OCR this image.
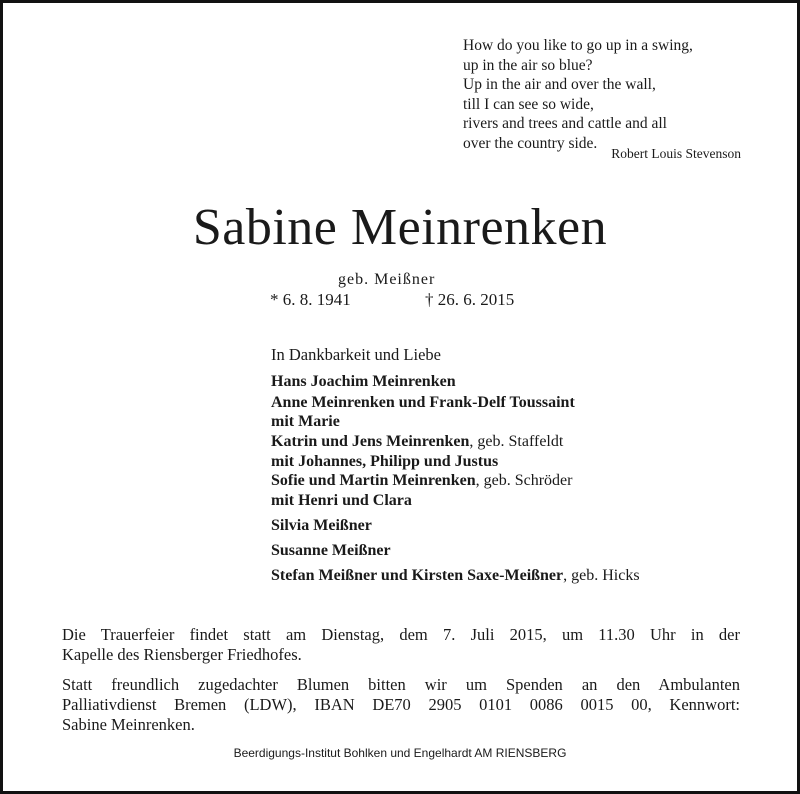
How do you like to go up in a swing,
up in the air so blue?
Up in the air and over the wall,
till I can see so wide,
rivers and trees and cattle and all
over the country side.
Robert Louis Stevenson
Sabine Meinrenken
geb. Meißner
* 6. 8. 1941	† 26. 6. 2015
In Dankbarkeit und Liebe
Hans Joachim Meinrenken
Anne Meinrenken und Frank-Delf Toussaint
mit Marie
Katrin und Jens Meinrenken, geb. Staffeldt
mit Johannes, Philipp und Justus
Sofie und Martin Meinrenken, geb. Schröder
mit Henri und Clara
Silvia Meißner
Susanne Meißner
Stefan Meißner und Kirsten Saxe-Meißner, geb. Hicks
Die Trauerfeier findet statt am Dienstag, dem 7. Juli 2015, um 11.30 Uhr in der
Kapelle des Riensberger Friedhofes.
Statt freundlich zugedachter Blumen bitten wir um Spenden an den Ambulanten
Palliativdienst Bremen (LDW), IBAN DE70 2905 0101 0086 0015 00, Kennwort:
Sabine Meinrenken.
Beerdigungs-Institut Bohlken und Engelhardt AM RIENSBERG
